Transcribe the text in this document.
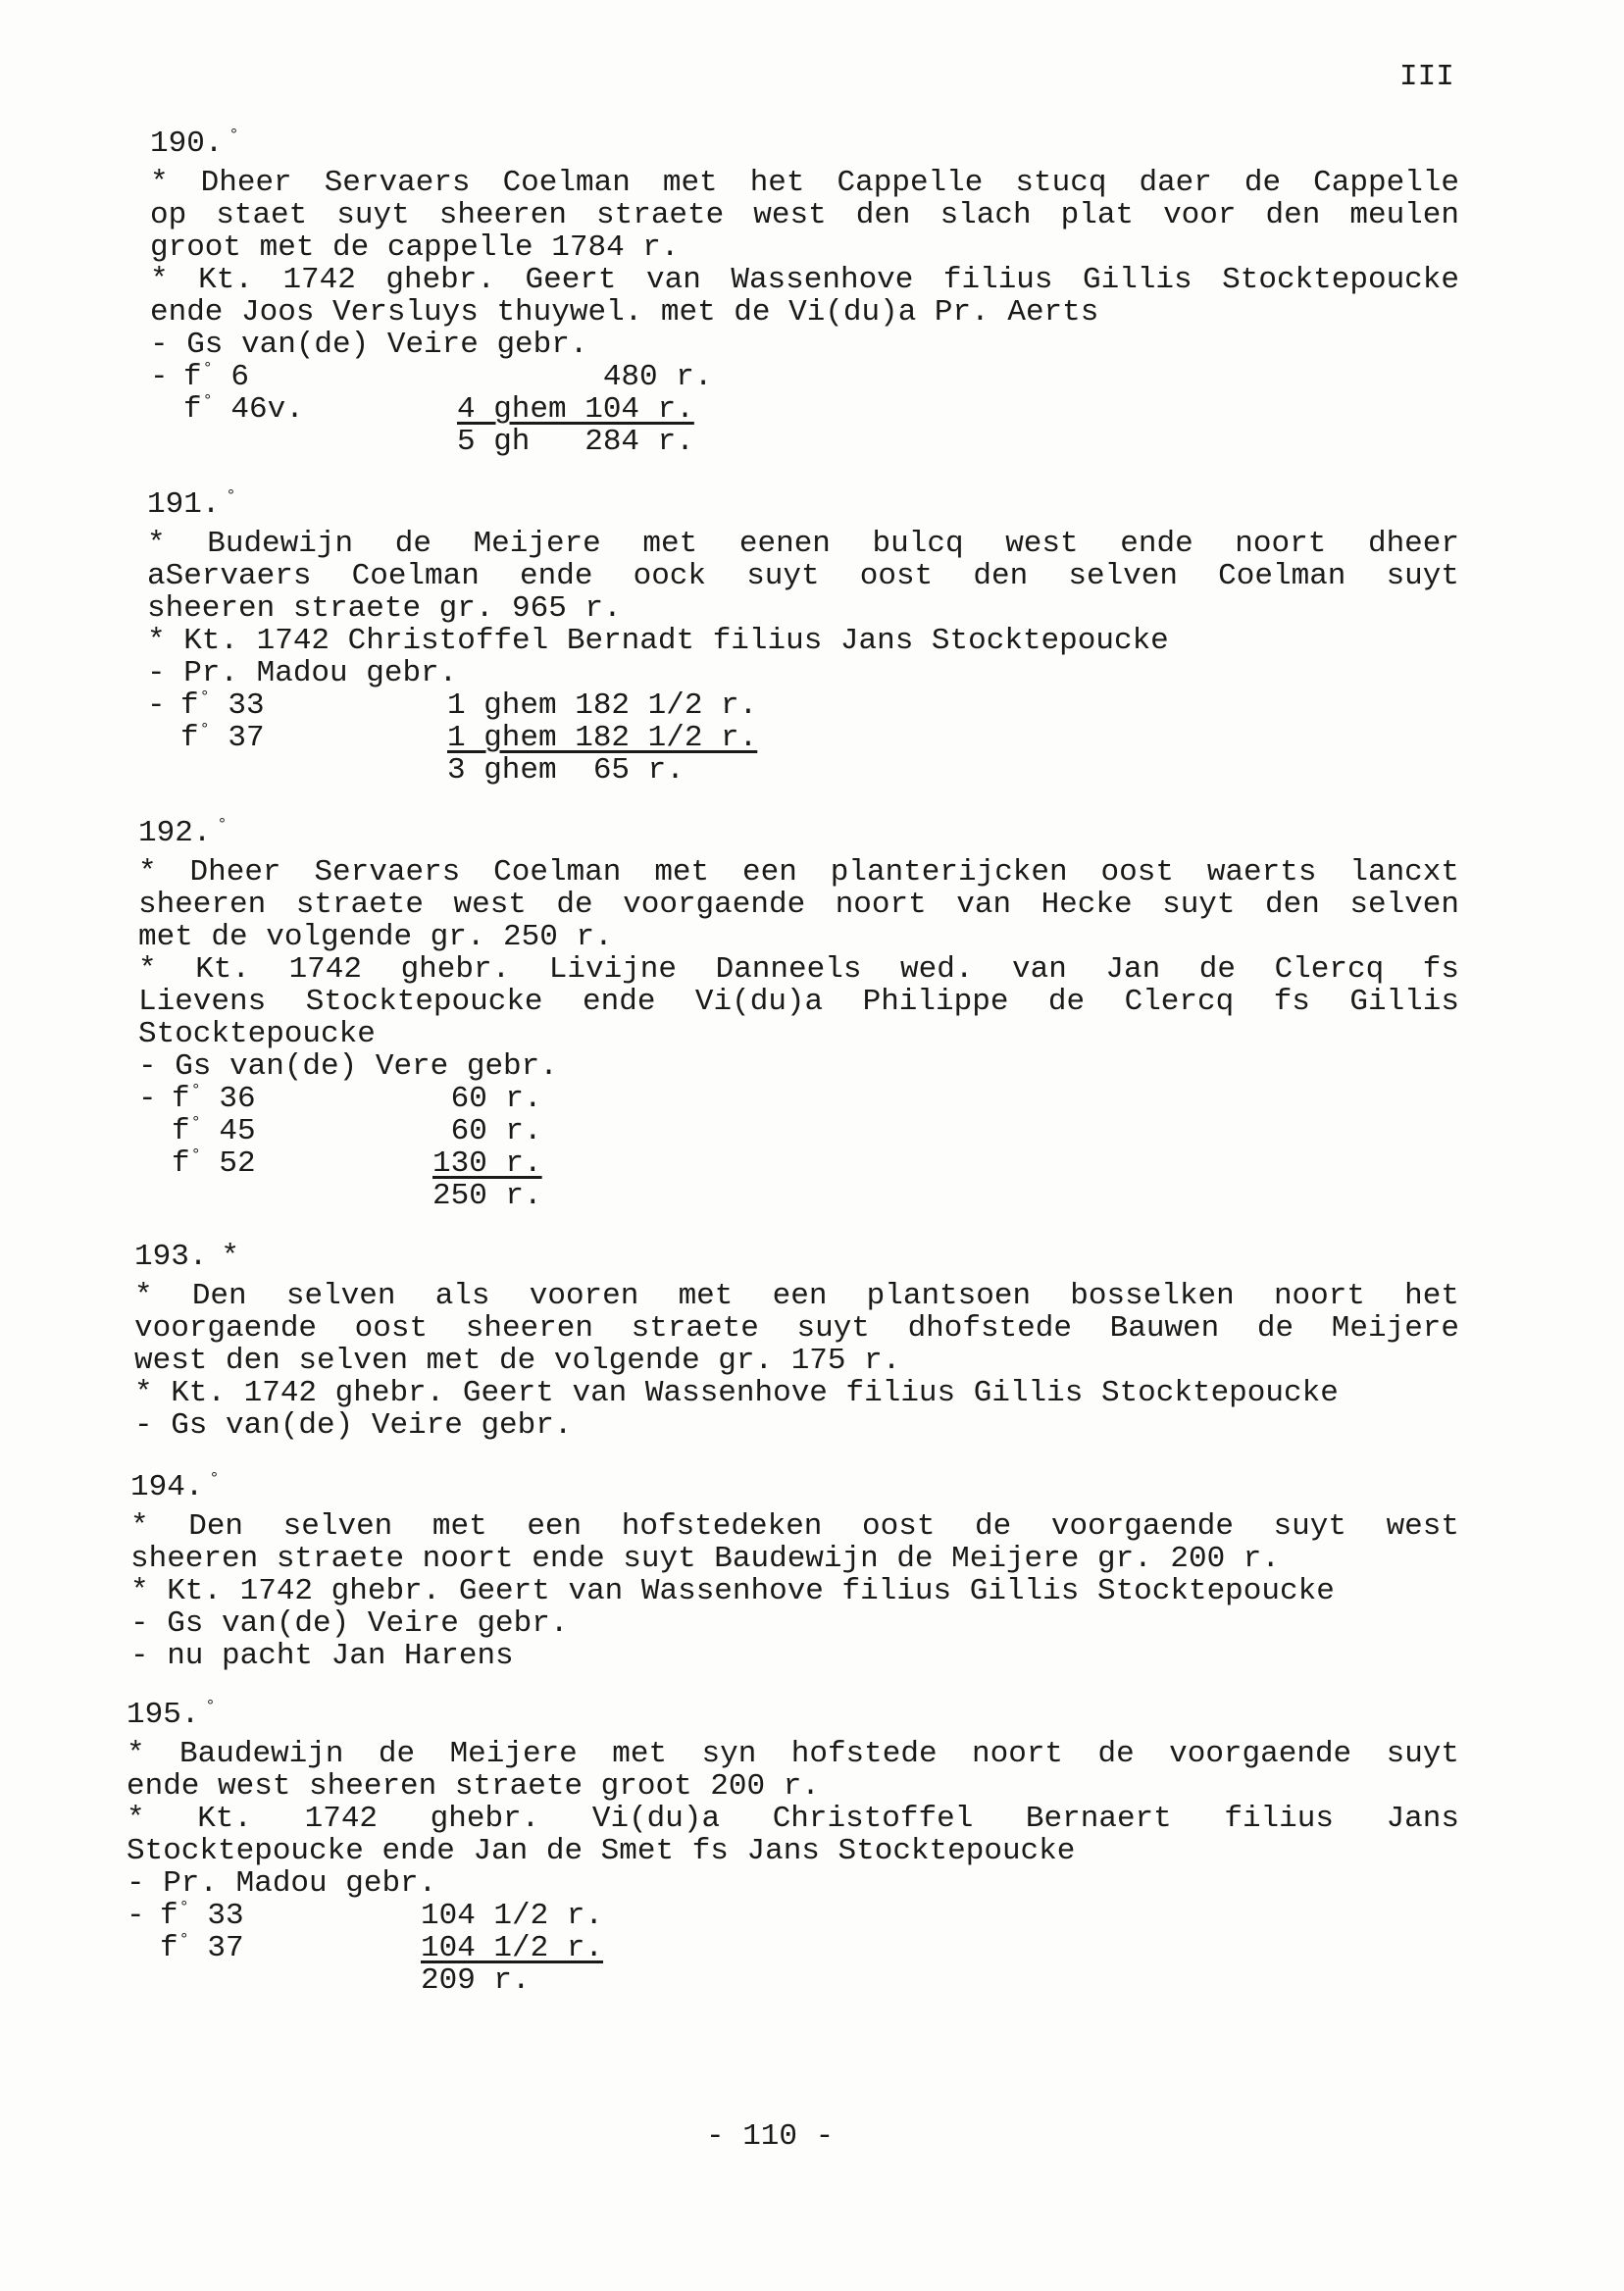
III
190. °
* Dheer Servaers Coelman met het Cappelle stucq daer de Cappelle
op staet suyt sheeren straete west den slach plat voor den meulen
groot met de cappelle 1784 r.
* Kt. 1742 ghebr. Geert van Wassenhove filius Gillis Stocktepoucke
ende Joos Versluys thuywel. met de Vi(du)a Pr. Aerts
- Gs van(de) Veire gebr.
- f° 6	480 r.
f° 46v.	4 ghem 104 r.
5 gh   284 r.
191. °
* Budewijn de Meijere met eenen bulcq west ende noort dheer
aServaers Coelman ende oock suyt oost den selven Coelman suyt
sheeren straete gr. 965 r.
* Kt. 1742 Christoffel Bernadt filius Jans Stocktepoucke
- Pr. Madou gebr.
- f° 33	1 ghem 182 1/2 r.
f° 37	1 ghem 182 1/2 r.
3 ghem  65 r.
192. °
* Dheer Servaers Coelman met een planterijcken oost waerts lancxt
sheeren straete west de voorgaende noort van Hecke suyt den selven
met de volgende gr. 250 r.
* Kt. 1742 ghebr. Livijne Danneels wed. van Jan de Clercq fs
Lievens Stocktepoucke ende Vi(du)a Philippe de Clercq fs Gillis
Stocktepoucke
- Gs van(de) Vere gebr.
- f° 36	60 r.
f° 45	60 r.
f° 52	130 r.
250 r.
193. *
* Den selven als vooren met een plantsoen bosselken noort het
voorgaende oost sheeren straete suyt dhofstede Bauwen de Meijere
west den selven met de volgende gr. 175 r.
* Kt. 1742 ghebr. Geert van Wassenhove filius Gillis Stocktepoucke
- Gs van(de) Veire gebr.
194. °
* Den selven met een hofstedeken oost de voorgaende suyt west
sheeren straete noort ende suyt Baudewijn de Meijere gr. 200 r.
* Kt. 1742 ghebr. Geert van Wassenhove filius Gillis Stocktepoucke
- Gs van(de) Veire gebr.
- nu pacht Jan Harens
195. °
* Baudewijn de Meijere met syn hofstede noort de voorgaende suyt
ende west sheeren straete groot 200 r.
* Kt. 1742 ghebr. Vi(du)a Christoffel Bernaert filius Jans
Stocktepoucke ende Jan de Smet fs Jans Stocktepoucke
- Pr. Madou gebr.
- f° 33	104 1/2 r.
f° 37	104 1/2 r.
209 r.
- 110 -
